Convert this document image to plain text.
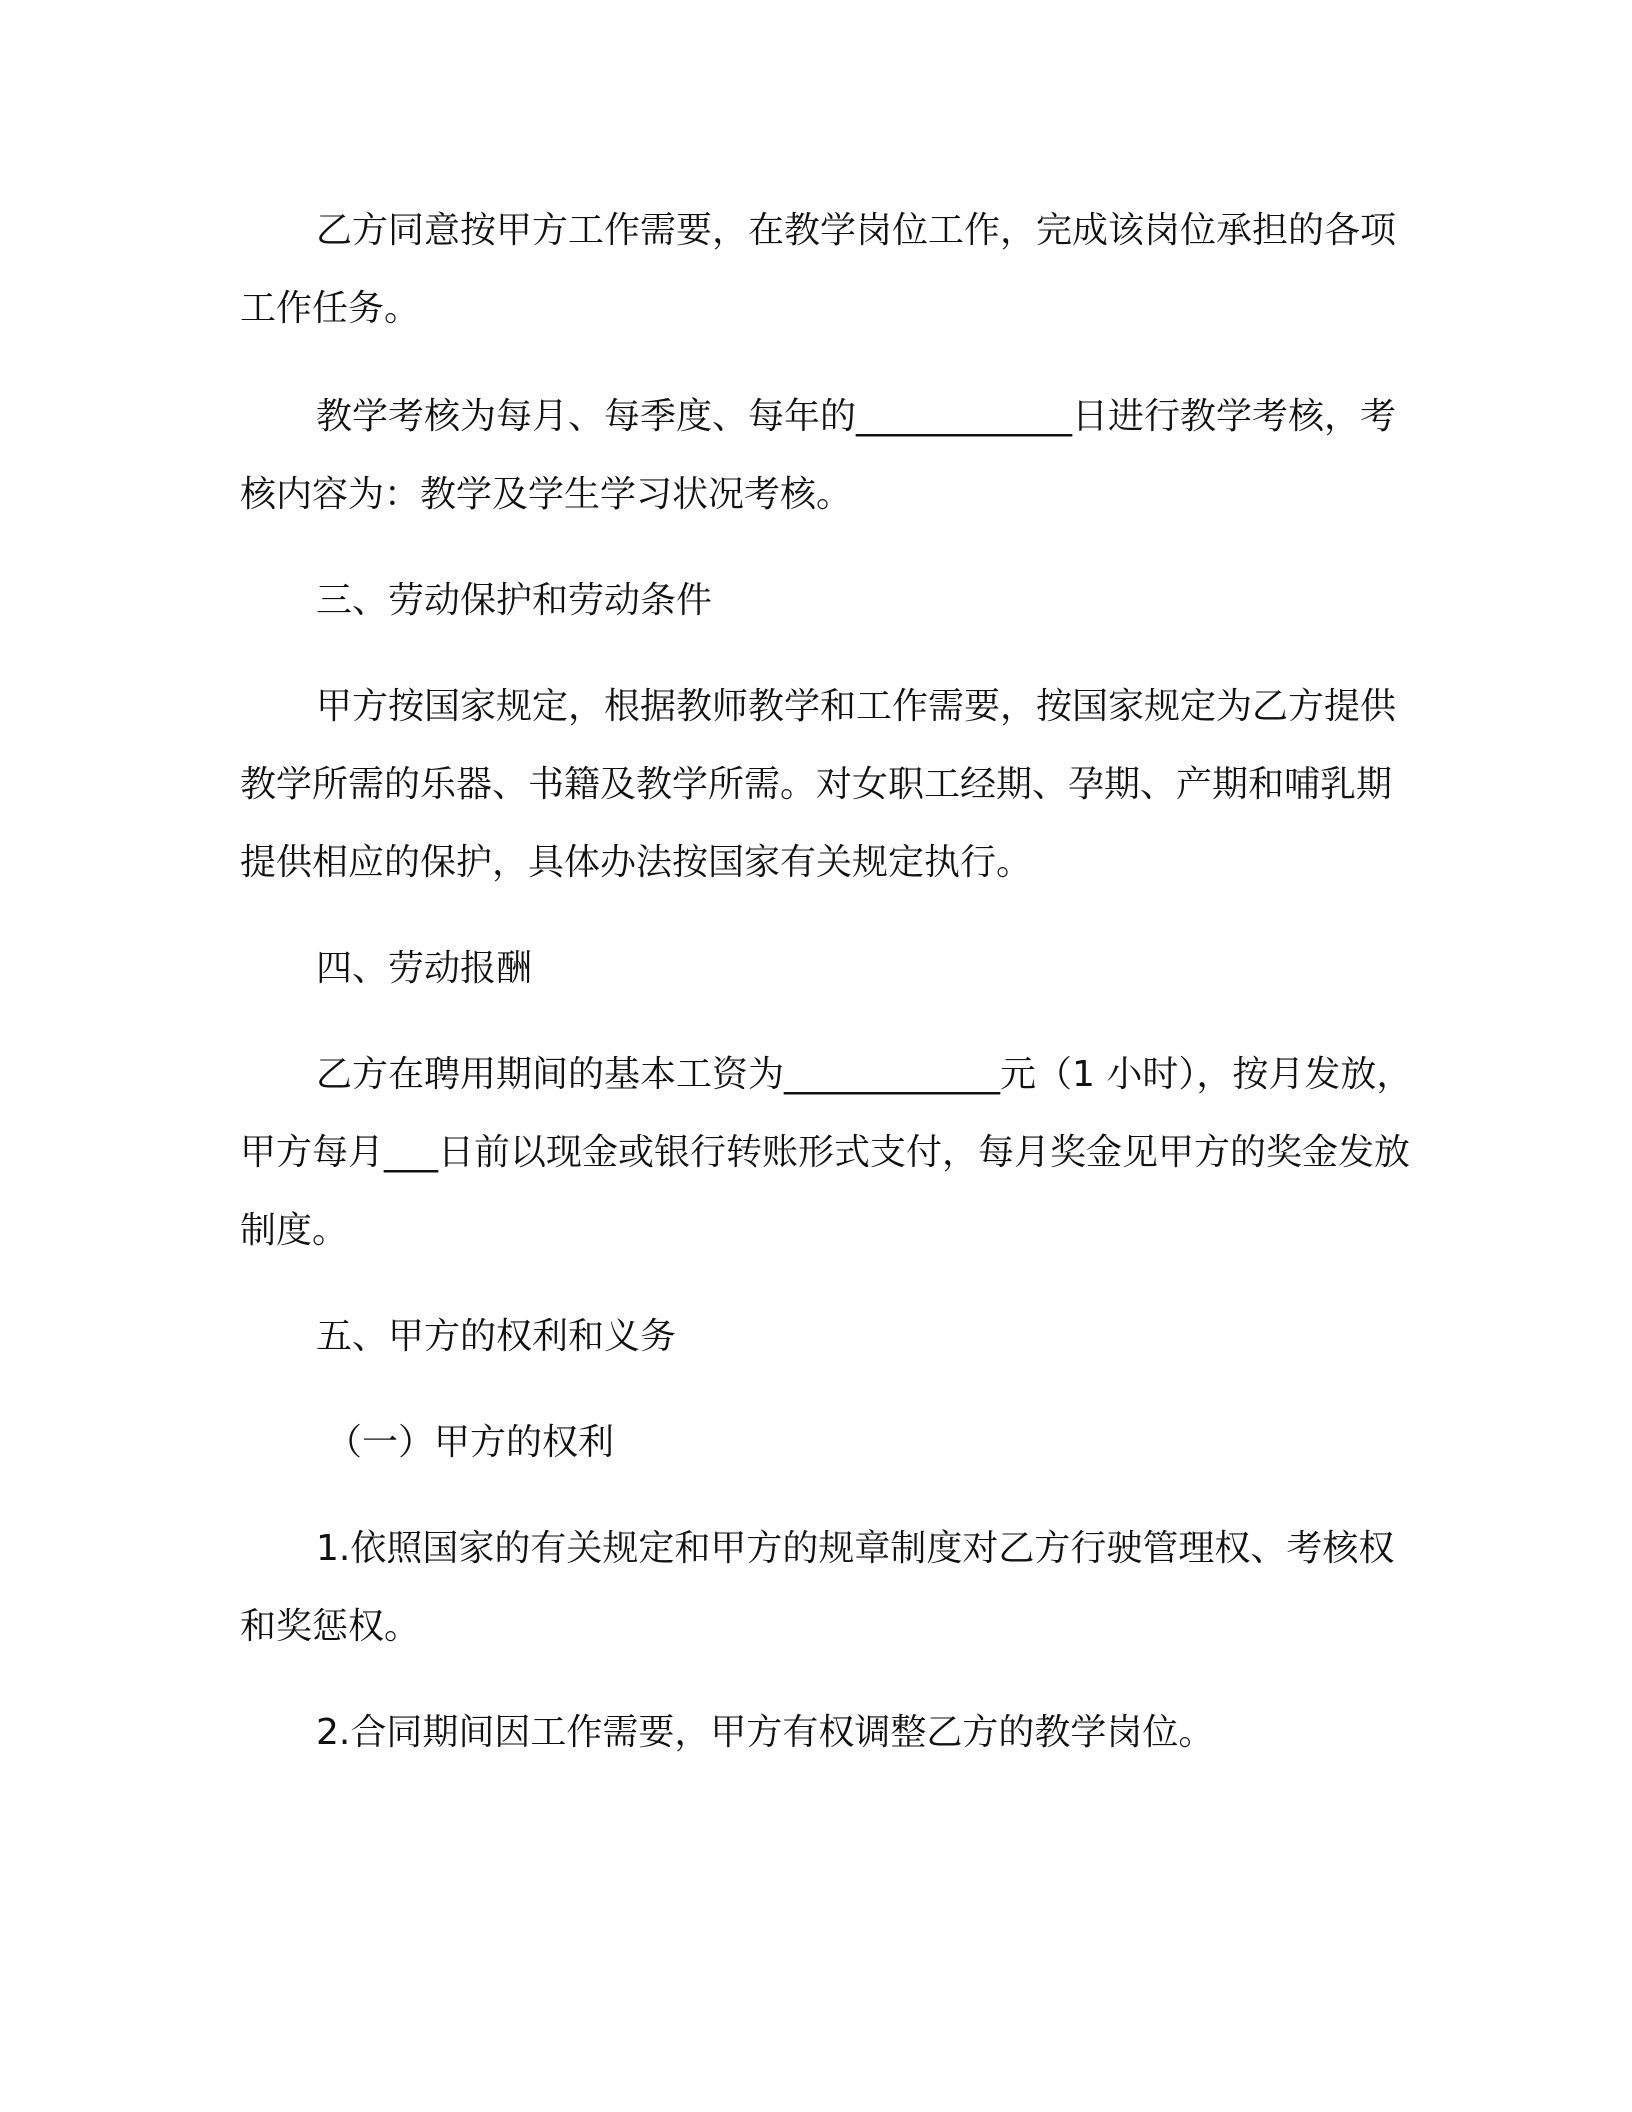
乙方同意按甲方工作需要，在教学岗位工作，完成该岗位承担的各项工作任务。

教学考核为每月、每季度、每年的____________日进行教学考核，考核内容为：教学及学生学习状况考核。

三、劳动保护和劳动条件

甲方按国家规定，根据教师教学和工作需要，按国家规定为乙方提供教学所需的乐器、书籍及教学所需。对女职工经期、孕期、产期和哺乳期提供相应的保护，具体办法按国家有关规定执行。

四、劳动报酬

乙方在聘用期间的基本工资为____________元（1 小时），按月发放，甲方每月___日前以现金或银行转账形式支付，每月奖金见甲方的奖金发放制度。

五、甲方的权利和义务

（一）甲方的权利

1.依照国家的有关规定和甲方的规章制度对乙方行驶管理权、考核权和奖惩权。

2.合同期间因工作需要，甲方有权调整乙方的教学岗位。
